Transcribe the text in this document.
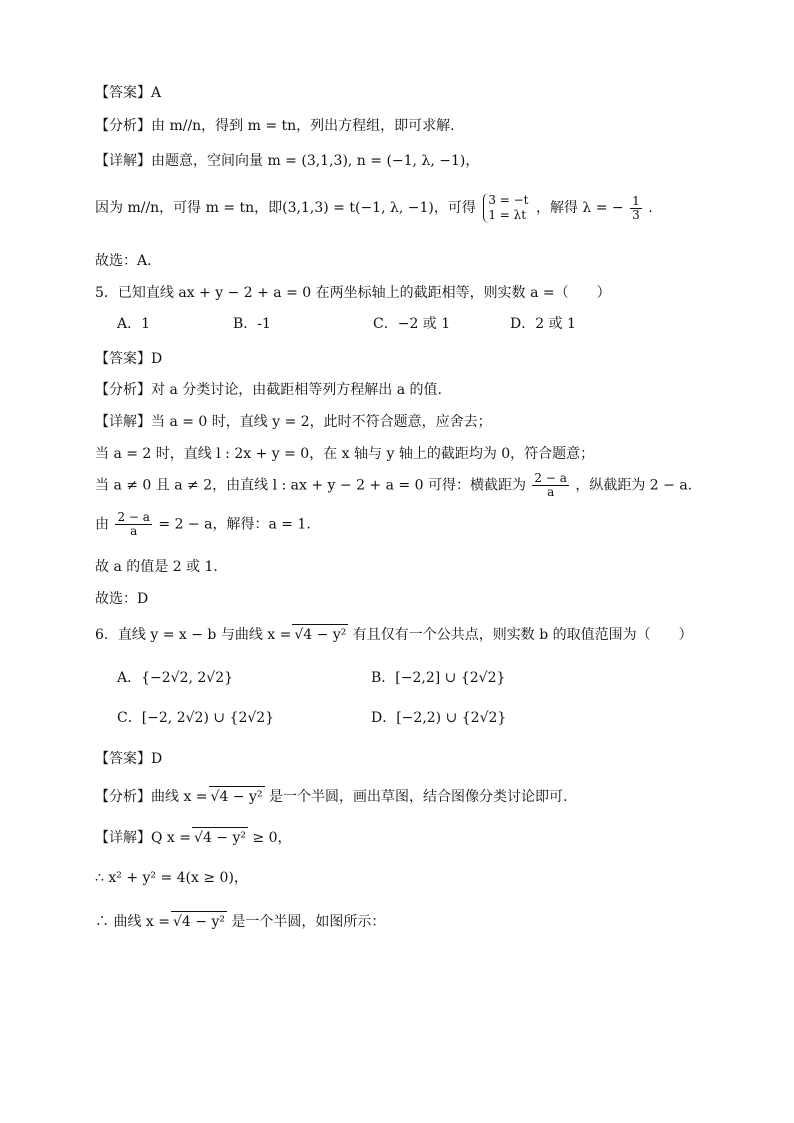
【答案】A
【分析】由 m//n，得到 m = tn，列出方程组，即可求解.
【详解】由题意，空间向量 m = (3,1,3), n = (−1, λ, −1)，
因为 m//n，可得 m = tn，即(3,1,3) = t(−1, λ, −1)，可得 3 = −t
1 = λt ，解得 λ = − $\frac{1}{3}$ .
故选：A.
5．已知直线 ax + y − 2 + a = 0 在两坐标轴上的截距相等，则实数 a =（　　）
A．1	B．-1	C．−2 或 1	D．2 或 1
【答案】D
【分析】对 a 分类讨论，由截距相等列方程解出 a 的值.
【详解】当 a = 0 时，直线 y = 2，此时不符合题意，应舍去；
当 a = 2 时，直线 l : 2x + y = 0，在 x 轴与 y 轴上的截距均为 0，符合题意；
当 a ≠ 0 且 a ≠ 2，由直线 l : ax + y − 2 + a = 0 可得：横截距为 $\frac{2 - a}{a}$ ，纵截距为 2 − a.
由 $\frac{2 - a}{a} = 2 - a$，解得：a = 1.
故 a 的值是 2 或 1.
故选：D
6．直线 y = x − b 与曲线 x = √4 − y² 有且仅有一个公共点，则实数 b 的取值范围为（　　）
A．{−2√2, 2√2}	B．[−2,2] ∪ {2√2}
C．[−2, 2√2) ∪ {2√2}	D．[−2,2) ∪ {2√2}
【答案】D
【分析】曲线 x = √4 − y² 是一个半圆，画出草图，结合图像分类讨论即可.
【详解】Q x = √4 − y² ≥ 0，
∴ x² + y² = 4(x ≥ 0)，
∴ 曲线 x = √4 − y² 是一个半圆，如图所示：
